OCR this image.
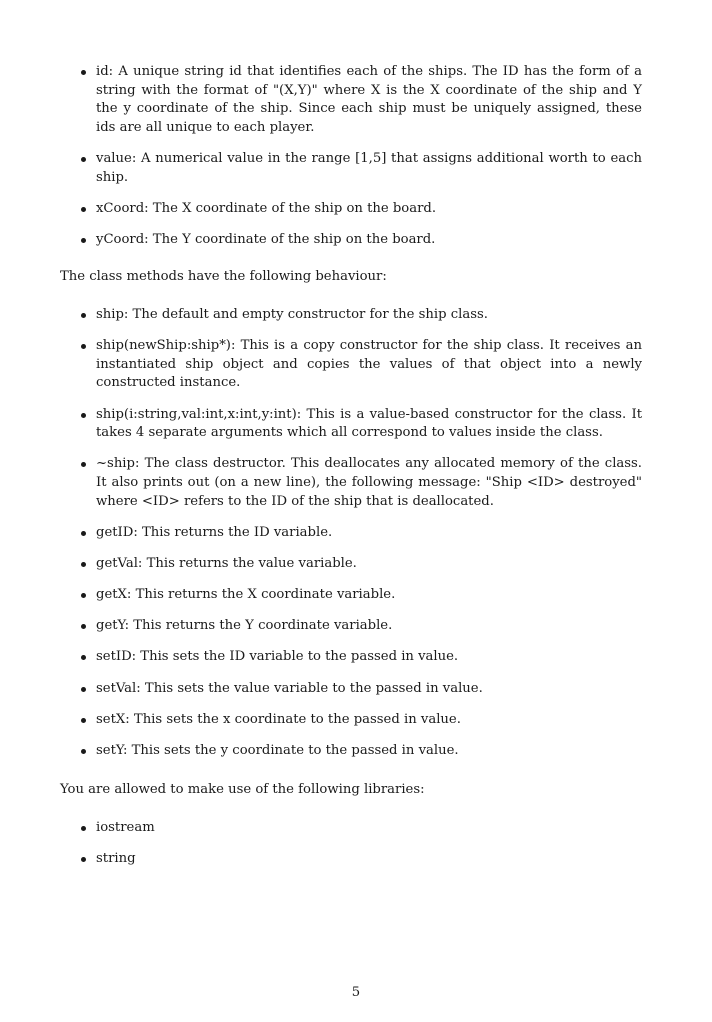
id: A unique string id that identifies each of the ships. The ID has the form of a string with the format of "(X,Y)" where X is the X coordinate of the ship and Y the y coordinate of the ship. Since each ship must be uniquely assigned, these ids are all unique to each player.
value: A numerical value in the range [1,5] that assigns additional worth to each ship.
xCoord: The X coordinate of the ship on the board.
yCoord: The Y coordinate of the ship on the board.

The class methods have the following behaviour:

ship: The default and empty constructor for the ship class.
ship(newShip:ship*): This is a copy constructor for the ship class. It receives an instantiated ship object and copies the values of that object into a newly constructed instance.
ship(i:string,val:int,x:int,y:int): This is a value-based constructor for the class. It takes 4 separate arguments which all correspond to values inside the class.
~ship: The class destructor. This deallocates any allocated memory of the class. It also prints out (on a new line), the following message: "Ship <ID> destroyed" where <ID> refers to the ID of the ship that is deallocated.
getID: This returns the ID variable.
getVal: This returns the value variable.
getX: This returns the X coordinate variable.
getY: This returns the Y coordinate variable.
setID: This sets the ID variable to the passed in value.
setVal: This sets the value variable to the passed in value.
setX: This sets the x coordinate to the passed in value.
setY: This sets the y coordinate to the passed in value.

You are allowed to make use of the following libraries:

iostream
string
5
